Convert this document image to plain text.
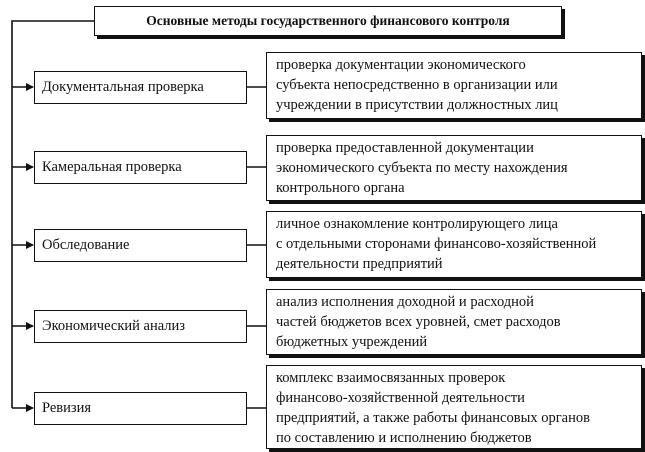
Основные методы государственного финансового контроля
Документальная проверка
проверка документации экономического
субъекта непосредственно в организации или
учреждении в присутствии должностных лиц
Камеральная проверка
проверка предоставленной документации
экономического субъекта по месту нахождения
контрольного органа
Обследование
личное ознакомление контролирующего лица
с отдельными сторонами финансово-хозяйственной
деятельности предприятий
Экономический анализ
анализ исполнения доходной и расходной
частей бюджетов всех уровней, смет расходов
бюджетных учреждений
Ревизия
комплекс взаимосвязанных проверок
финансово-хозяйственной деятельности
предприятий, а также работы финансовых органов
по составлению и исполнению бюджетов
